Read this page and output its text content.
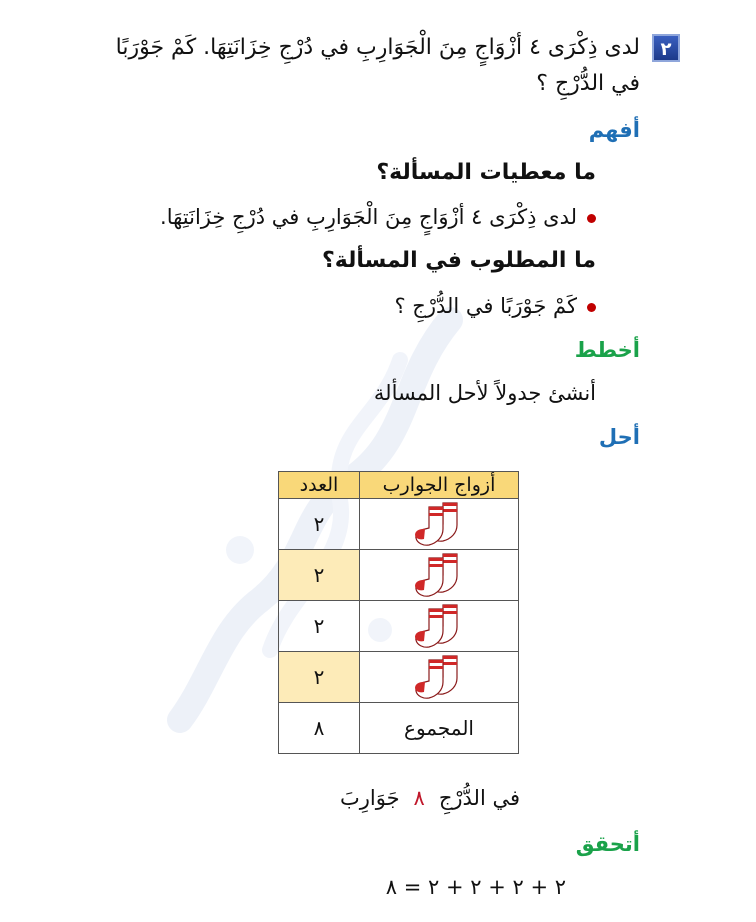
٢
لدى ذِكْرَى ٤ أزْوَاجٍ مِنَ الْجَوَارِبِ في دُرْجِ خِزَانَتِهَا. كَمْ جَوْرَبًا في الدُّرْجِ ؟
أفهم
ما معطيات المسألة؟
لدى ذِكْرَى ٤ أزْوَاجٍ مِنَ الْجَوَارِبِ في دُرْجِ خِزَانَتِهَا.
ما المطلوب في المسألة؟
كَمْ جَوْرَبًا في الدُّرْجِ ؟
أخطط
أنشئ جدولاً لأحل المسألة
أحل
أزواج الجوارب	العدد
	٢
	٢
	٢
	٢
المجموع	٨
في الدُّرْجِ٨جَوَارِبَ
أتحقق
٢ + ٢ + ٢ + ٢ = ٨
